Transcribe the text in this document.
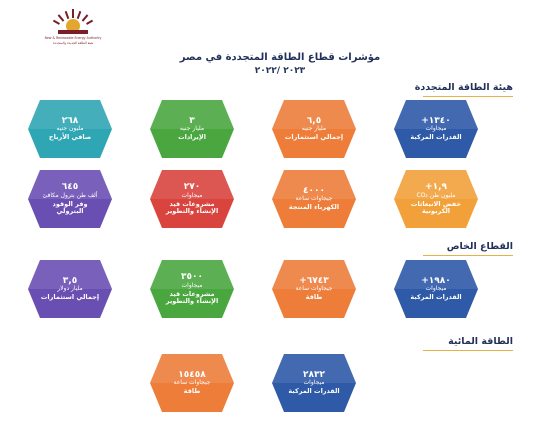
New & Renewable Energy Authority
هيئة الطاقة الجديدة والمتجددة
مؤشرات قطاع الطاقة المتجددة في مصر
٢٠٢٣ /٢٠٢٢
هيئة الطاقة المتجددة
القطاع الخاص
الطاقة المائية
١٣٤٠+
ميجاوات
القدرات المركبة
٦,٥
مليار جنيه
إجمالي استثمارات
٣
مليار جنيه
الإيرادات
٢٦٨
مليون جنيه
صافي الأرباح
١,٩+
مليون طن CO₂
خفض الانبعاثات الكربونية
٤٠٠٠
جيجاوات ساعة
الكهرباء المنتجة
٢٧٠
ميجاوات
مشروعات قيد الإنشاء والتطوير
٦٤٥
ألف طن بترول مكافئ
وفر الوقود البترولي
١٩٨٠+
ميجاوات
القدرات المركبة
٦٧٤٣+
جيجاوات ساعة
طاقة
٣٥٠٠
ميجاوات
مشروعات قيد الإنشاء والتطوير
٣,٥
مليار دولار
إجمالي استثمارات
٢٨٣٢
ميجاوات
القدرات المركبة
١٥٤٥٨
جيجاوات ساعة
طاقة
